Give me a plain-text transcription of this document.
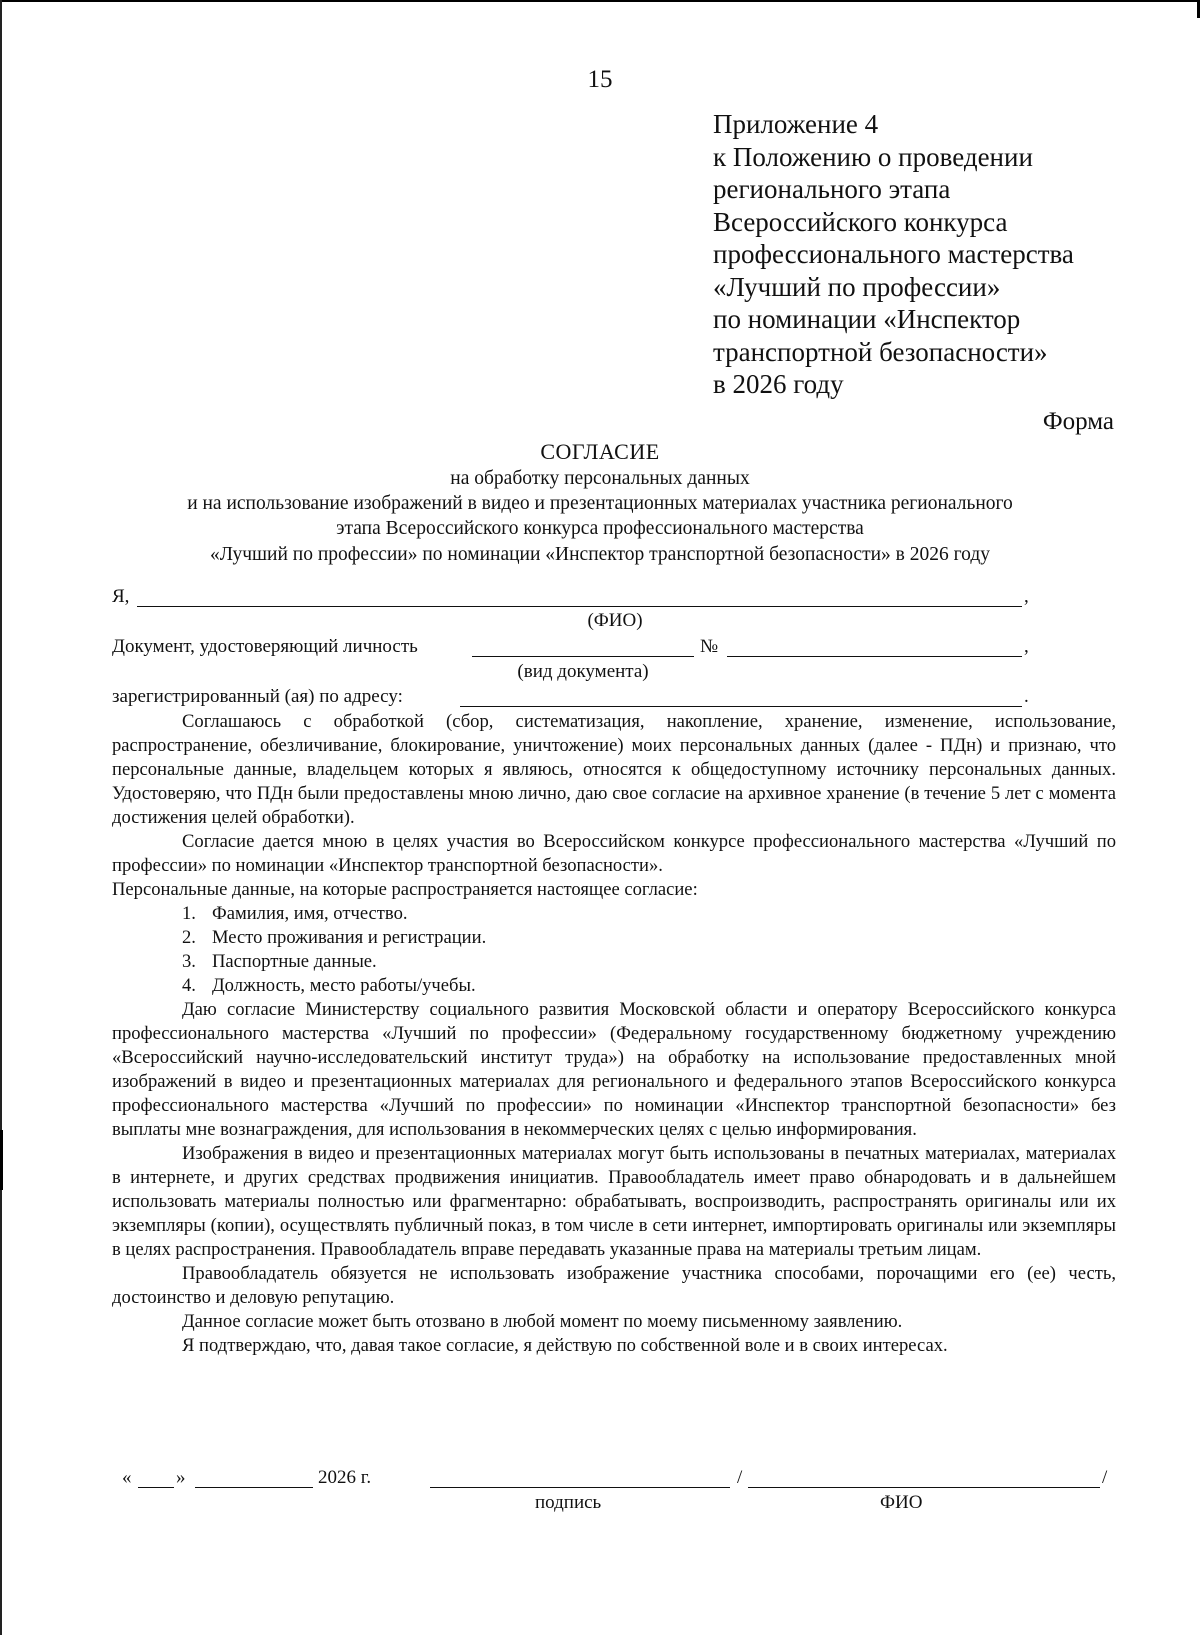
15
Приложение 4
к Положению о проведении
регионального этапа
Всероссийского конкурса
профессионального мастерства
«Лучший по профессии»
по номинации «Инспектор
транспортной безопасности»
в 2026 году
Форма
СОГЛАСИЕ
на обработку персональных данных
и на использование изображений в видео и презентационных материалах участника регионального
этапа Всероссийского конкурса профессионального мастерства
«Лучший по профессии» по номинации «Инспектор транспортной безопасности» в 2026 году
Я,	,
(ФИО)
Документ, удостоверяющий личность	№	,
(вид документа)
зарегистрированный (ая) по адресу:	.

Соглашаюсь с обработкой (сбор, систематизация, накопление, хранение, изменение, использование, распространение, обезличивание, блокирование, уничтожение) моих персональных данных (далее - ПДн) и признаю, что персональные данные, владельцем которых я являюсь, относятся к общедоступному источнику персональных данных. Удостоверяю, что ПДн были предоставлены мною лично, даю свое согласие на архивное хранение (в течение 5 лет с момента достижения целей обработки).

Согласие дается мною в целях участия во Всероссийском конкурсе профессионального мастерства «Лучший по профессии» по номинации «Инспектор транспортной безопасности».

Персональные данные, на которые распространяется настоящее согласие:

1. Фамилия, имя, отчество.
2. Место проживания и регистрации.
3. Паспортные данные.
4. Должность, место работы/учебы.

Даю согласие Министерству социального развития Московской области и оператору Всероссийского конкурса профессионального мастерства «Лучший по профессии» (Федеральному государственному бюджетному учреждению «Всероссийский научно-исследовательский институт труда») на обработку на использование предоставленных мной изображений в видео и презентационных материалах для регионального и федерального этапов Всероссийского конкурса профессионального мастерства «Лучший по профессии» по номинации «Инспектор транспортной безопасности» без выплаты мне вознаграждения, для использования в некоммерческих целях с целью информирования.

Изображения в видео и презентационных материалах могут быть использованы в печатных материалах, материалах в интернете, и других средствах продвижения инициатив. Правообладатель имеет право обнародовать и в дальнейшем использовать материалы полностью или фрагментарно: обрабатывать, воспроизводить, распространять оригиналы или их экземпляры (копии), осуществлять публичный показ, в том числе в сети интернет, импортировать оригиналы или экземпляры в целях распространения. Правообладатель вправе передавать указанные права на материалы третьим лицам.

Правообладатель обязуется не использовать изображение участника способами, порочащими его (ее) честь, достоинство и деловую репутацию.

Данное согласие может быть отозвано в любой момент по моему письменному заявлению.

Я подтверждаю, что, давая такое согласие, я действую по собственной воле и в своих интересах.

« »	2026 г.	/	/
подпись	ФИО
